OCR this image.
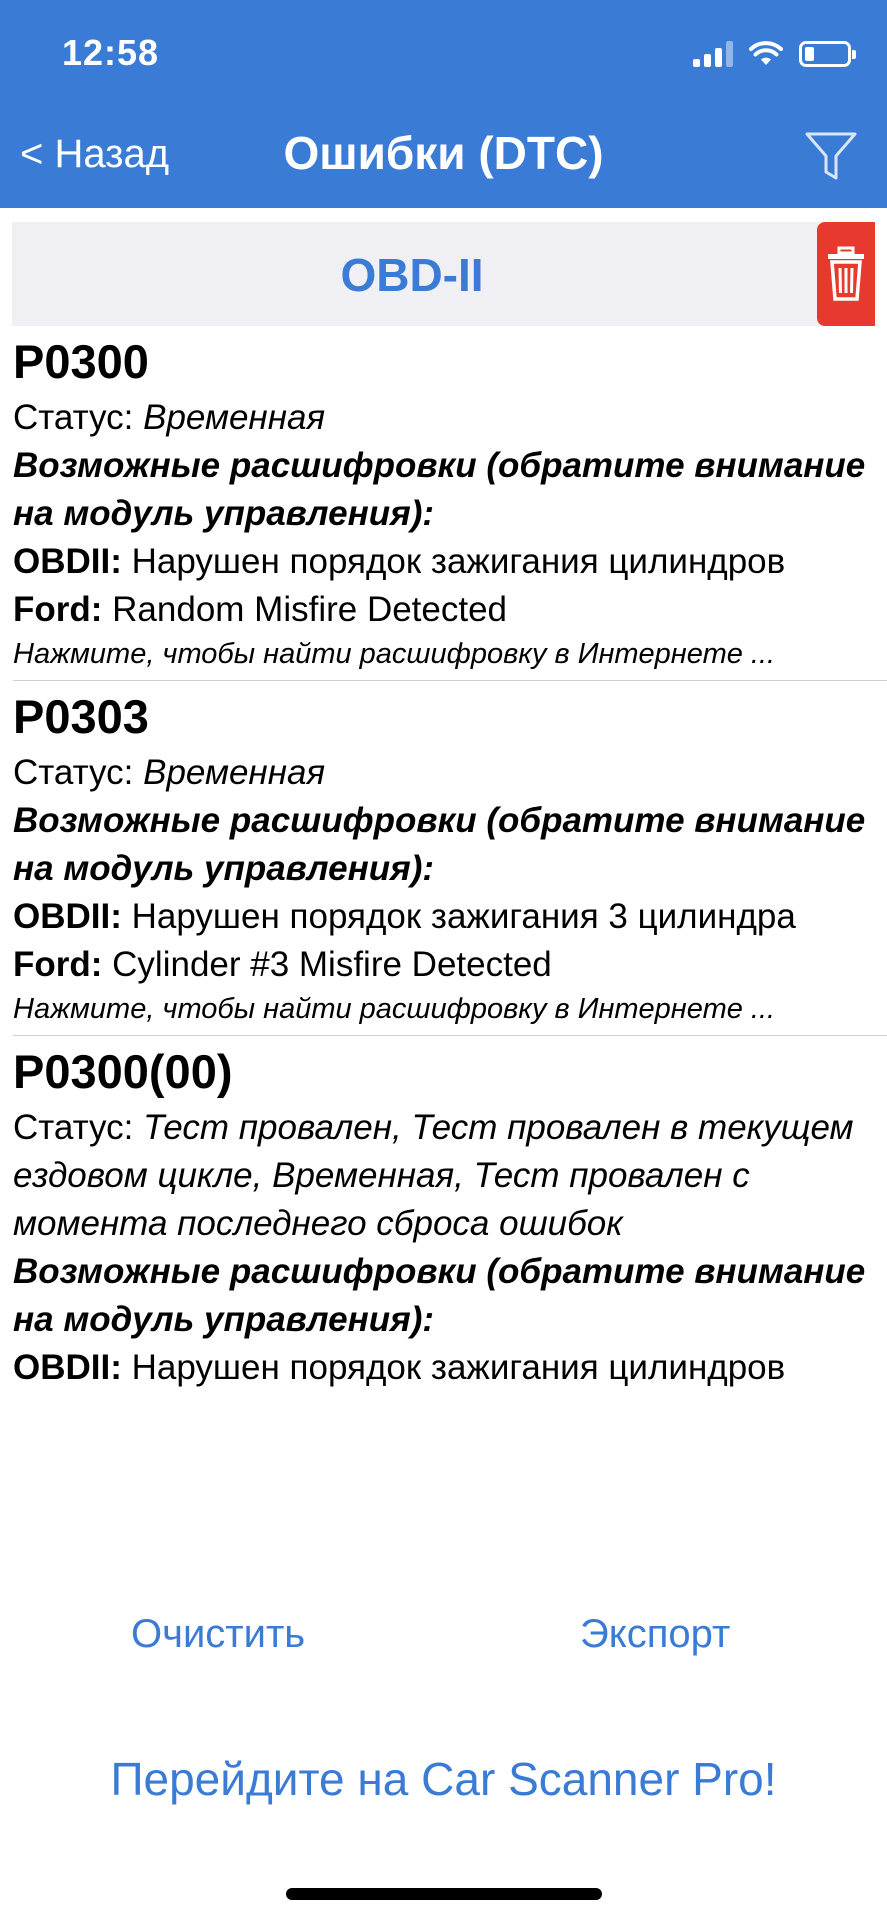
12:58
< Назад	Ошибки (DTC)
OBD-II
P0300
Статус: Временная
Возможные расшифровки (обратите внимание на модуль управления):
OBDII: Нарушен порядок зажигания цилиндров
Ford: Random Misfire Detected
Нажмите, чтобы найти расшифровку в Интернете ...
P0303
Статус: Временная
Возможные расшифровки (обратите внимание на модуль управления):
OBDII: Нарушен порядок зажигания 3 цилиндра
Ford: Cylinder #3 Misfire Detected
Нажмите, чтобы найти расшифровку в Интернете ...
P0300(00)
Статус: Тест провален, Тест провален в текущем ездовом цикле, Временная, Тест провален с момента последнего сброса ошибок
Возможные расшифровки (обратите внимание на модуль управления):
OBDII: Нарушен порядок зажигания цилиндров
Очистить	Экспорт
Перейдите на Car Scanner Pro!
